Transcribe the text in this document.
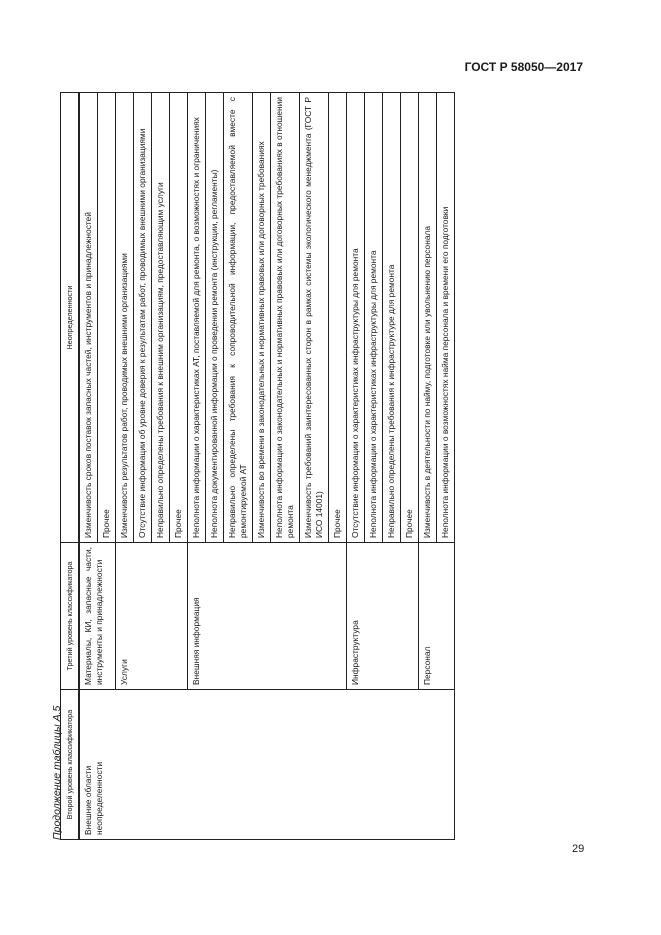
ГОСТ Р 58050—2017
Продолжение таблицы А.5 Второй уровень классификатора	Третий уровень классификатора	Неопределенности
Внешние области неопределенности	Материалы, КИ, запасные части, инструменты и принадлежности	Изменчивость сроков поставок запасных частей, инструментов и принадлежностей
		Прочее
	Услуги	Изменчивость результатов работ, проводимых внешними организациями
		Отсутствие информации об уровне доверия к результатам работ, проводимых внешними организациями
		Неправильно определены требования к внешним организациям, предоставляющим услуги
		Прочее
	Внешняя информация	Неполнота информации о характеристиках АТ, поставляемой для ремонта, о возможностях и ограничениях
		Неполнота документированной информации о проведении ремонта (инструкции, регламенты)
		Неправильно определены требования к сопроводительной информации, предоставляемой вместе с ремонтируемой АТ
		Изменчивость во времени в законодательных и нормативных правовых или договорных требованиях
		Неполнота информации о законодательных и нормативных правовых или договорных требованиях в отношении ремонта
		Изменчивость требований заинтересованных сторон в рамках системы экологического менеджмента (ГОСТ Р ИСО 14001)
		Прочее
	Инфраструктура	Отсутствие информации о характеристиках инфраструктуры для ремонта
		Неполнота информации о характеристиках инфраструктуры для ремонта
		Неправильно определены требования к инфраструктуре для ремонта
		Прочее
	Персонал	Изменчивость в деятельности по найму, подготовке или увольнению персонала
		Неполнота информации о возможностях найма персонала и времени его подготовки
29
